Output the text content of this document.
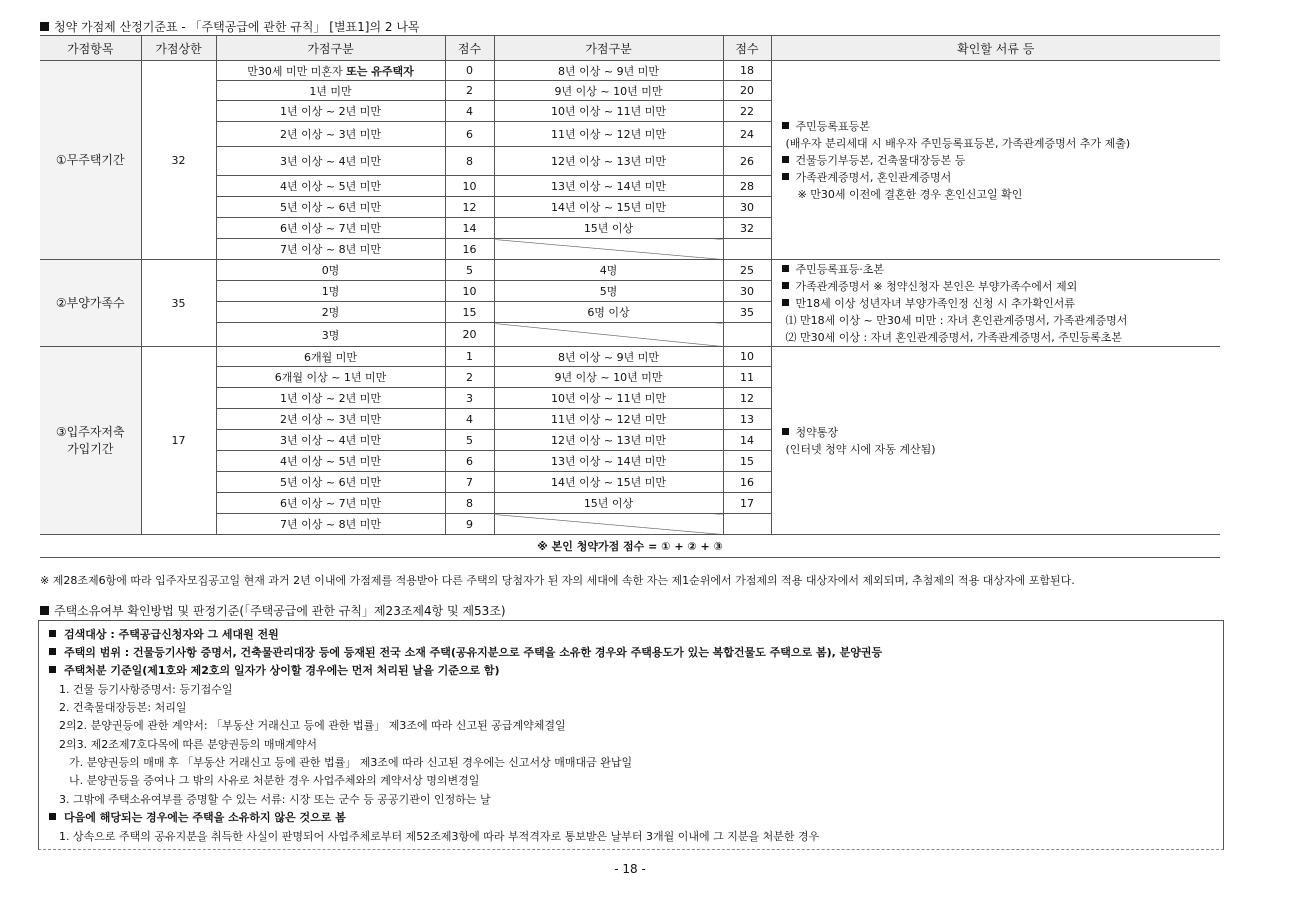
청약 가점제 산정기준표 - 「주택공급에 관한 규칙」 [별표1]의 2 나목
가점항목	가점상한	가점구분	점수	가점구분	점수	확인할 서류 등
①무주택기간	32	만30세 미만 미혼자 또는 유주택자	0	8년 이상 ~ 9년 미만	18	주민등록표등본
(배우자 분리세대 시 배우자 주민등록표등본, 가족관계증명서 추가 제출)
건물등기부등본, 건축물대장등본 등
가족관계증명서, 혼인관계증명서
※ 만30세 이전에 결혼한 경우 혼인신고일 확인

		1년 미만	2	9년 이상 ~ 10년 미만	20	
		1년 이상 ~ 2년 미만	4	10년 이상 ~ 11년 미만	22	
		2년 이상 ~ 3년 미만	6	11년 이상 ~ 12년 미만	24	
		3년 이상 ~ 4년 미만	8	12년 이상 ~ 13년 미만	26	
		4년 이상 ~ 5년 미만	10	13년 이상 ~ 14년 미만	28	
		5년 이상 ~ 6년 미만	12	14년 이상 ~ 15년 미만	30	
		6년 이상 ~ 7년 미만	14	15년 이상	32	
		7년 이상 ~ 8년 미만	16			
②부양가족수	35	0명	5	4명	25	주민등록표등·초본
가족관계증명서 ※ 청약신청자 본인은 부양가족수에서 제외
만18세 이상 성년자녀 부양가족인정 신청 시 추가확인서류
⑴ 만18세 이상 ~ 만30세 미만 : 자녀 혼인관계증명서, 가족관계증명서
⑵ 만30세 이상 : 자녀 혼인관계증명서, 가족관계증명서, 주민등록초본

		1명	10	5명	30	
		2명	15	6명 이상	35	
		3명	20			

③입주자저축
가입기간	17	6개월 미만	1	8년 이상 ~ 9년 미만	10	청약통장
(인터넷 청약 시에 자동 계산됨)

		6개월 이상 ~ 1년 미만	2	9년 이상 ~ 10년 미만	11	
		1년 이상 ~ 2년 미만	3	10년 이상 ~ 11년 미만	12	
		2년 이상 ~ 3년 미만	4	11년 이상 ~ 12년 미만	13	
		3년 이상 ~ 4년 미만	5	12년 이상 ~ 13년 미만	14	
		4년 이상 ~ 5년 미만	6	13년 이상 ~ 14년 미만	15	
		5년 이상 ~ 6년 미만	7	14년 이상 ~ 15년 미만	16	
		6년 이상 ~ 7년 미만	8	15년 이상	17	
		7년 이상 ~ 8년 미만	9			
※ 본인 청약가점 점수 = ① + ② + ③						
※ 제28조제6항에 따라 입주자모집공고일 현재 과거 2년 이내에 가점제를 적용받아 다른 주택의 당첨자가 된 자의 세대에 속한 자는 제1순위에서 가점제의 적용 대상자에서 제외되며, 추첨제의 적용 대상자에 포함된다.
주택소유여부 확인방법 및 판정기준(「주택공급에 관한 규칙」제23조제4항 및 제53조)
검색대상 : 주택공급신청자와 그 세대원 전원
주택의 범위 : 건물등기사항 증명서, 건축물관리대장 등에 등재된 전국 소재 주택(공유지분으로 주택을 소유한 경우와 주택용도가 있는 복합건물도 주택으로 봄), 분양권등
주택처분 기준일(제1호와 제2호의 일자가 상이할 경우에는 먼저 처리된 날을 기준으로 함)
1. 건물 등기사항증명서: 등기접수일
2. 건축물대장등본: 처리일
2의2. 분양권등에 관한 계약서: 「부동산 거래신고 등에 관한 법률」 제3조에 따라 신고된 공급계약체결일
2의3. 제2조제7호다목에 따른 분양권등의 매매계약서
가. 분양권등의 매매 후 「부동산 거래신고 등에 관한 법률」 제3조에 따라 신고된 경우에는 신고서상 매매대금 완납일
나. 분양권등을 증여나 그 밖의 사유로 처분한 경우 사업주체와의 계약서상 명의변경일
3. 그밖에 주택소유여부를 증명할 수 있는 서류: 시장 또는 군수 등 공공기관이 인정하는 날
다음에 해당되는 경우에는 주택을 소유하지 않은 것으로 봄
1. 상속으로 주택의 공유지분을 취득한 사실이 판명되어 사업주체로부터 제52조제3항에 따라 부적격자로 통보받은 날부터 3개월 이내에 그 지분을 처분한 경우
- 18 -
